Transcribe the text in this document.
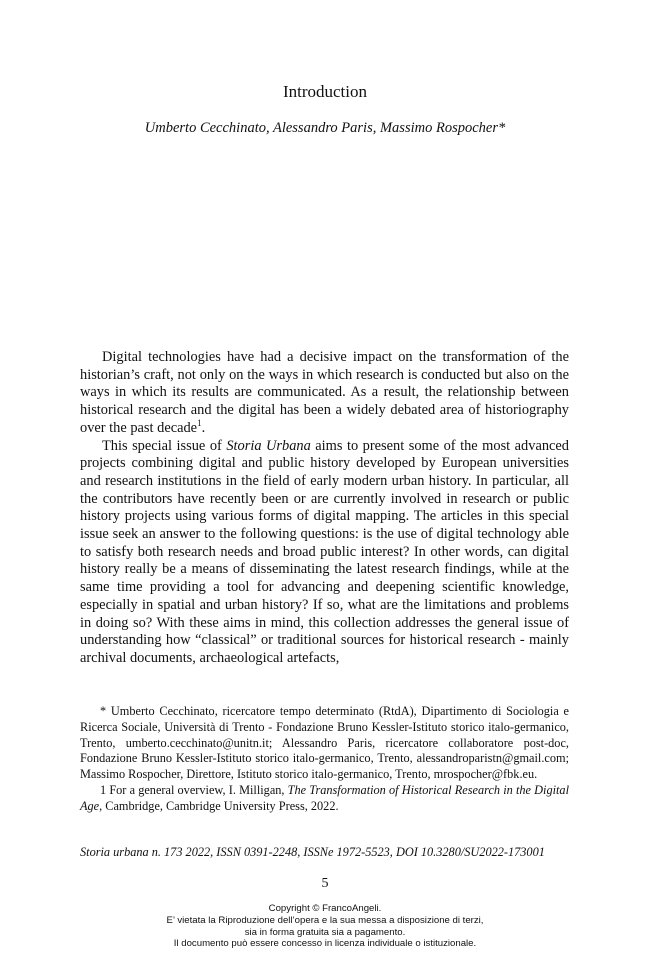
Introduction
Umberto Cecchinato, Alessandro Paris, Massimo Rospocher*

Digital technologies have had a decisive impact on the transformation of the historian’s craft, not only on the ways in which research is conducted but also on the ways in which its results are communicated. As a result, the relationship between historical research and the digital has been a widely debated area of historiography over the past decade$^1$.

This special issue of Storia Urbana aims to present some of the most advanced projects combining digital and public history developed by European universities and research institutions in the field of early modern urban history. In particular, all the contributors have recently been or are currently involved in research or public history projects using various forms of digital mapping. The articles in this special issue seek an answer to the following questions: is the use of digital technology able to satisfy both research needs and broad public interest? In other words, can digital history really be a means of disseminating the latest research findings, while at the same time providing a tool for advancing and deepening scientific knowledge, especially in spatial and urban history? If so, what are the limitations and problems in doing so? With these aims in mind, this collection addresses the general issue of understanding how “classical” or traditional sources for historical research - mainly archival documents, archaeological artefacts,

* Umberto Cecchinato, ricercatore tempo determinato (RtdA), Dipartimento di Sociologia e Ricerca Sociale, Università di Trento - Fondazione Bruno Kessler-Istituto storico italo-germanico, Trento, umberto.cecchinato@unitn.it; Alessandro Paris, ricercatore collaboratore post-doc, Fondazione Bruno Kessler-Istituto storico italo-germanico, Trento, alessandroparistn@gmail.com; Massimo Rospocher, Direttore, Istituto storico italo-germanico, Trento, mrospocher@fbk.eu.

1 For a general overview, I. Milligan, The Transformation of Historical Research in the Digital Age, Cambridge, Cambridge University Press, 2022.

Storia urbana n. 173 2022, ISSN 0391-2248, ISSNe 1972-5523, DOI 10.3280/SU2022-173001
5
Copyright © FrancoAngeli.
E’ vietata la Riproduzione dell’opera e la sua messa a disposizione di terzi,
sia in forma gratuita sia a pagamento.
Il documento può essere concesso in licenza individuale o istituzionale.
